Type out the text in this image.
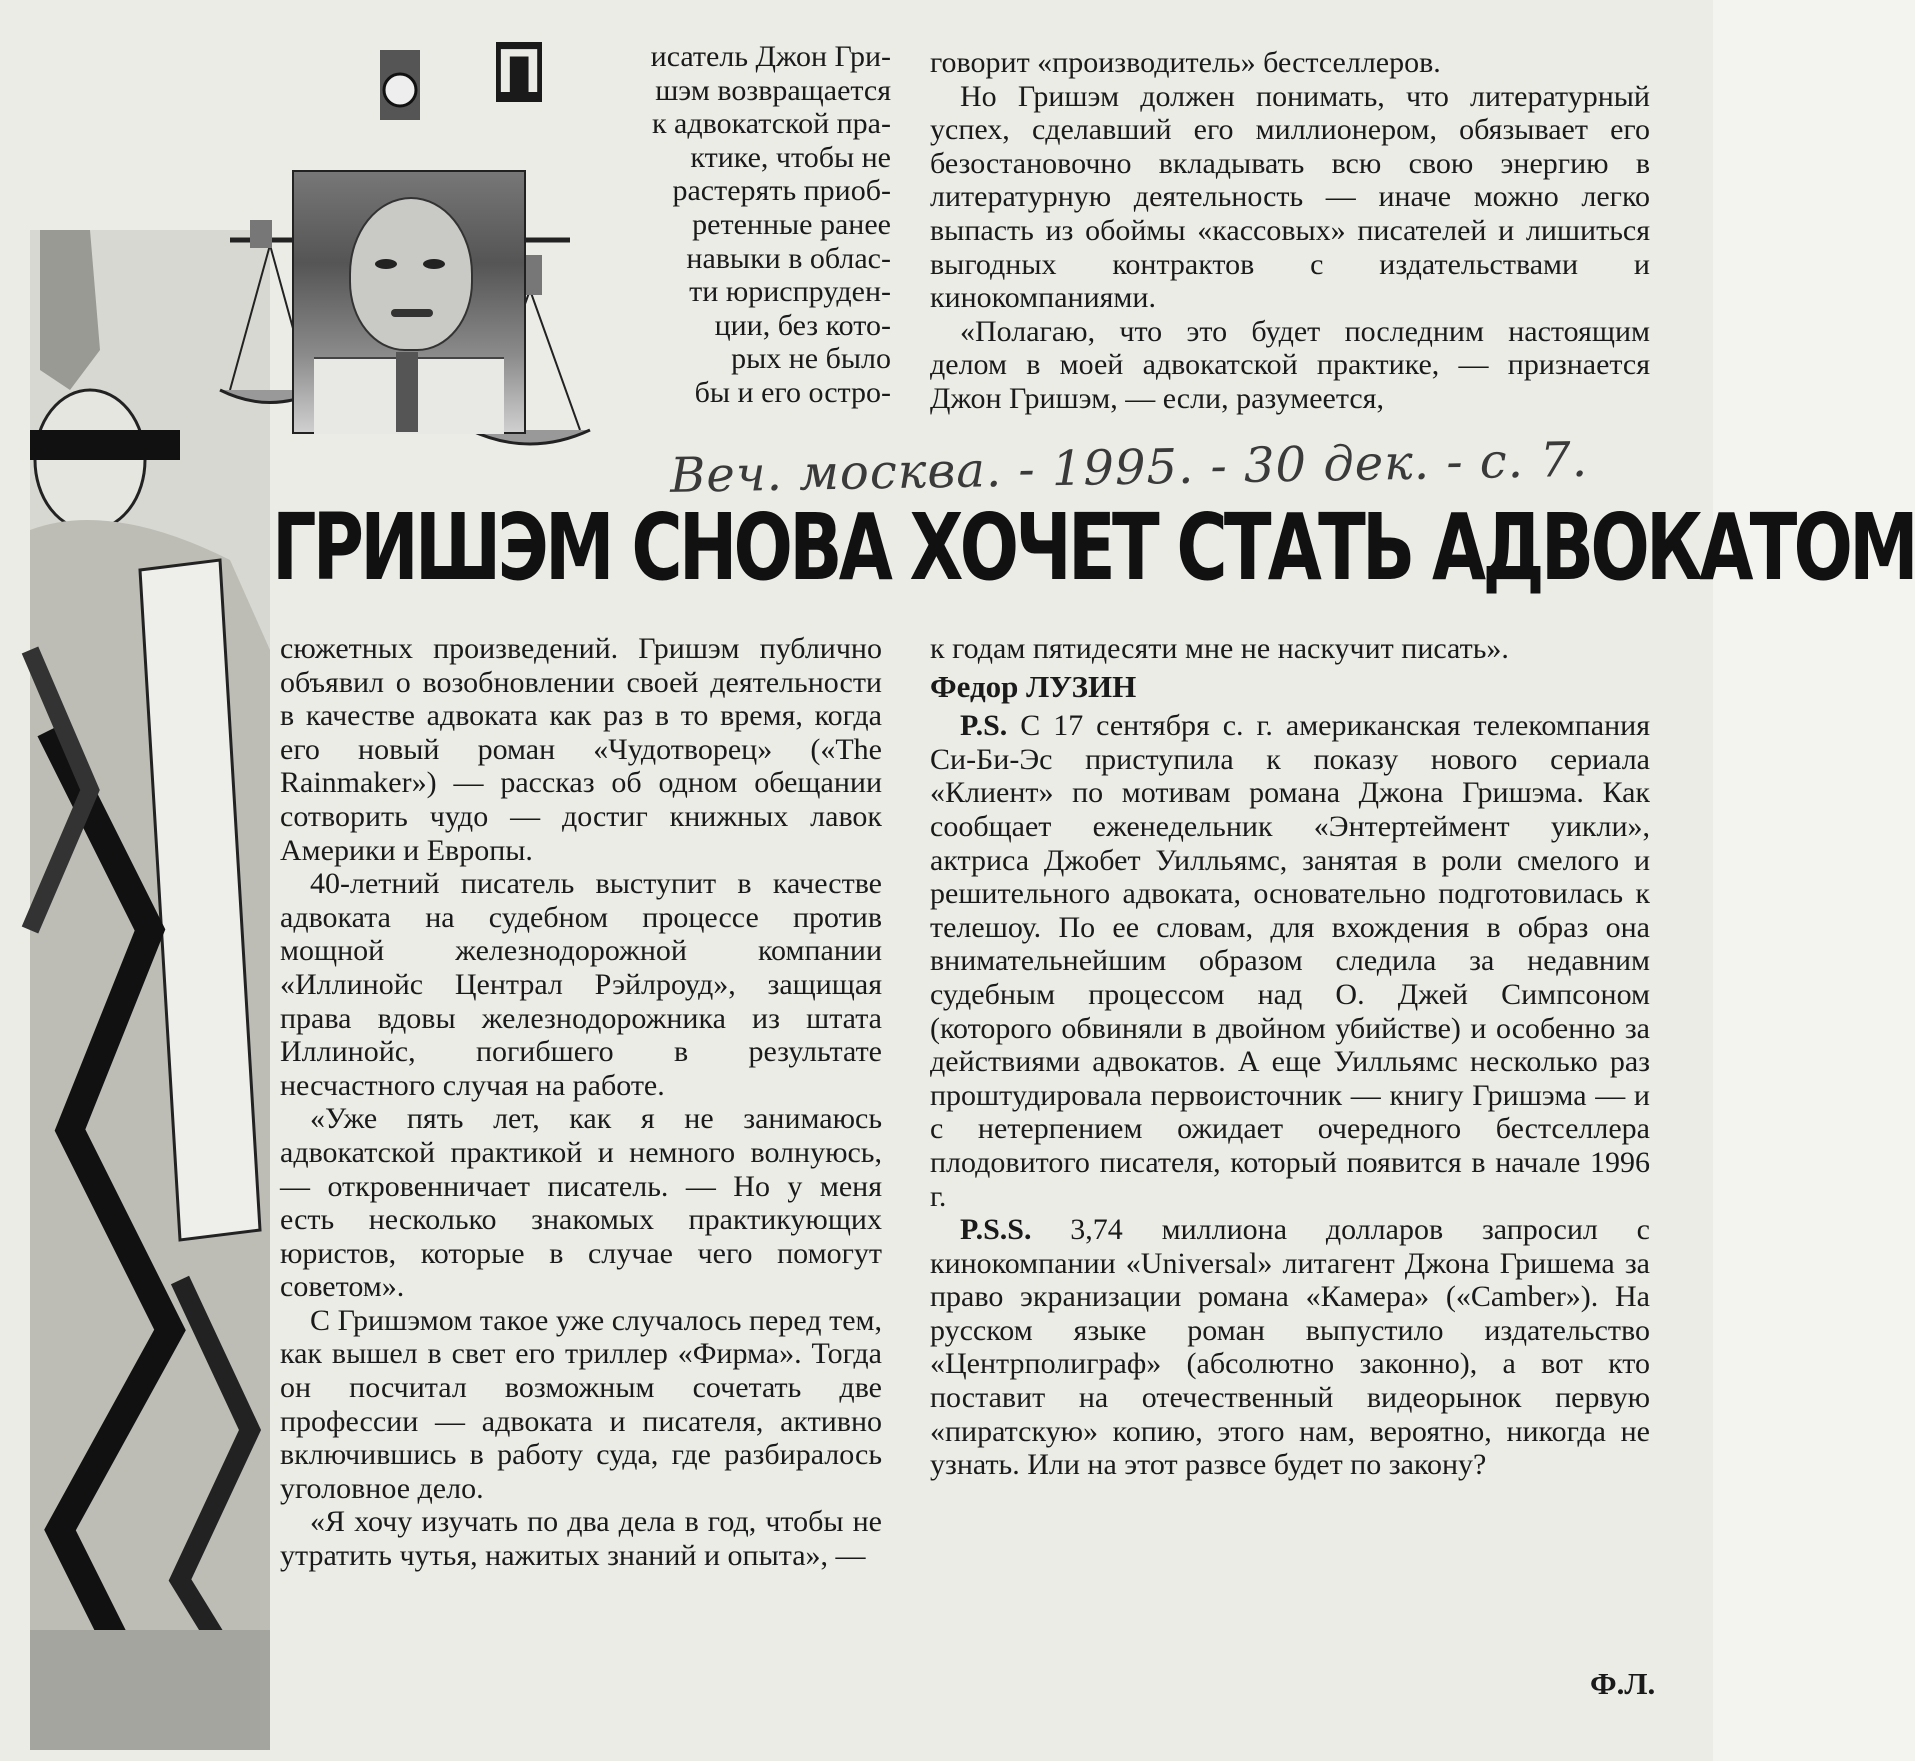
П	исатель Джон Гри-
шэм возвращается
к адвокатской пра-
ктике, чтобы не
растерять приоб-
ретенные ранее
навыки в облас-
ти юриспруден-
ции, без кото-
рых не было
бы и его остро-

говорит «производитель» бестселлеров.

Но Гришэм должен понимать, что литературный успех, сделавший его миллионером, обязывает его безостановочно вкладывать всю свою энергию в литературную деятельность — иначе можно легко выпасть из обоймы «кассовых» писателей и лишиться выгодных контрактов с издательствами и кинокомпаниями.

«Полагаю, что это будет последним настоящим делом в моей адвокатской практике, — признается Джон Гришэм, — если, разумеется,

Веч. москва. - 1995. - 30 дек. - с. 7.
ГРИШЭМ СНОВА ХОЧЕТ СТАТЬ АДВОКАТОМ

сюжетных произведений. Гришэм публично объявил о возобновлении своей деятельности в качестве адвоката как раз в то время, когда его новый роман «Чудотворец» («The Rainmaker») — рассказ об одном обещании сотворить чудо — достиг книжных лавок Америки и Европы.

40-летний писатель выступит в качестве адвоката на судебном процессе против мощной железнодорожной компании «Иллинойс Централ Рэйлроуд», защищая права вдовы железнодорожника из штата Иллинойс, погибшего в результате несчастного случая на работе.

«Уже пять лет, как я не занимаюсь адвокатской практикой и немного волнуюсь, — откровенничает писатель. — Но у меня есть несколько знакомых практикующих юристов, которые в случае чего помогут советом».

С Гришэмом такое уже случалось перед тем, как вышел в свет его триллер «Фирма». Тогда он посчитал возможным сочетать две профессии — адвоката и писателя, активно включившись в работу суда, где разбиралось уголовное дело.

«Я хочу изучать по два дела в год, чтобы не утратить чутья, нажитых знаний и опыта», —

к годам пятидесяти мне не наскучит писать».

Федор ЛУЗИН

P.S. С 17 сентября с. г. американская телекомпания Си-Би-Эс приступила к показу нового сериала «Клиент» по мотивам романа Джона Гришэма. Как сообщает еженедельник «Энтертеймент уикли», актриса Джобет Уилльямс, занятая в роли смелого и решительного адвоката, основательно подготовилась к телешоу. По ее словам, для вхождения в образ она внимательнейшим образом следила за недавним судебным процессом над О. Джей Симпсоном (которого обвиняли в двойном убийстве) и особенно за действиями адвокатов. А еще Уилльямс несколько раз проштудировала первоисточник — книгу Гришэма — и с нетерпением ожидает очередного бестселлера плодовитого писателя, который появится в начале 1996 г.

P.S.S. 3,74 миллиона долларов запросил с кинокомпании «Universal» литагент Джона Гришема за право экранизации романа «Камера» («Camber»). На русском языке роман выпустило издательство «Центрполиграф» (абсолютно законно), а вот кто поставит на отечественный видеорынок первую «пиратскую» копию, этого нам, вероятно, никогда не узнать. Или на этот развсе будет по закону?

Ф.Л.
